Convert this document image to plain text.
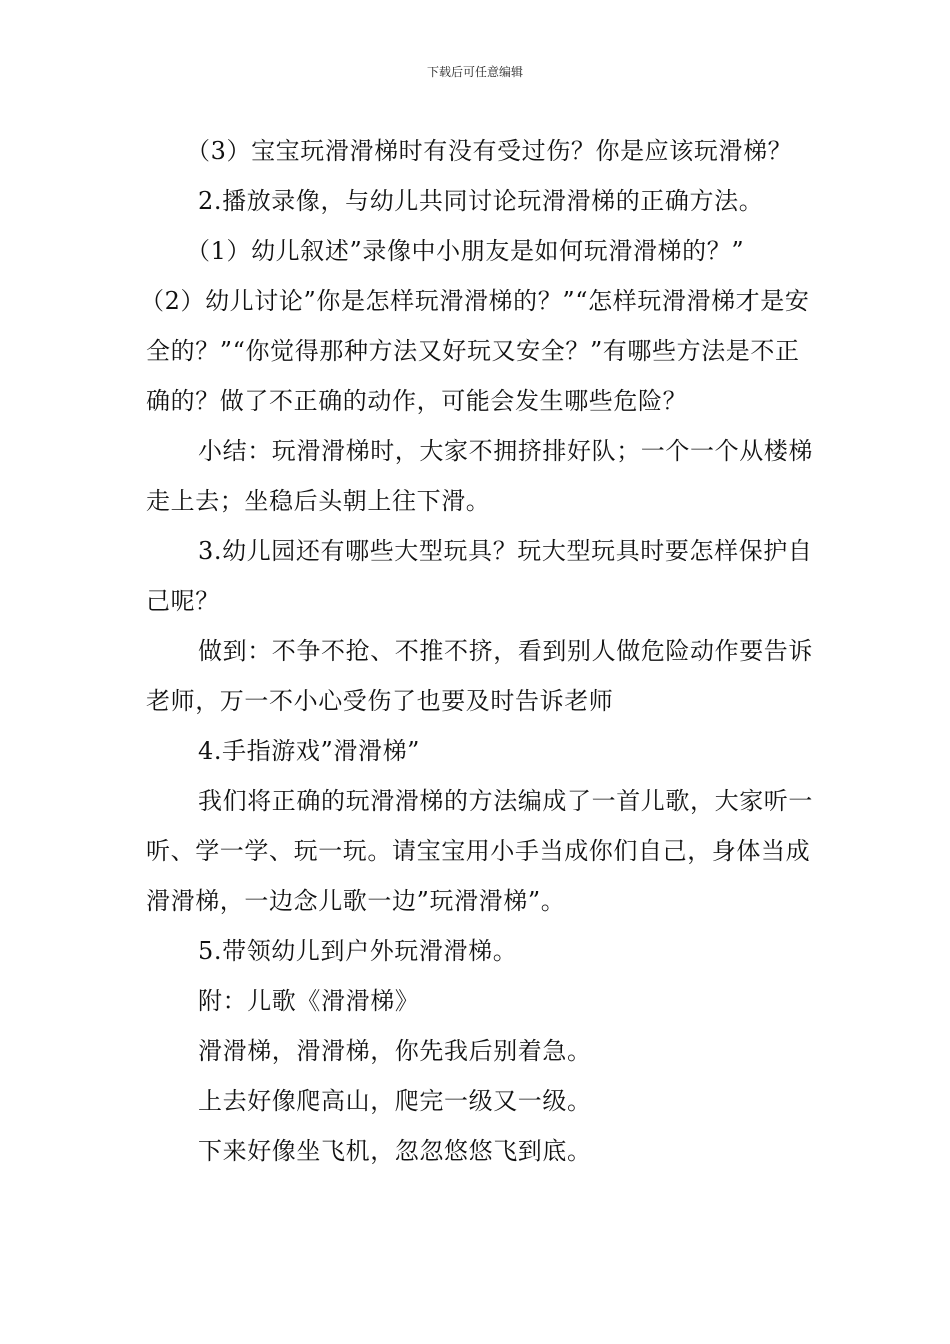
下载后可任意编辑

（3）宝宝玩滑滑梯时有没有受过伤？你是应该玩滑梯？

2.播放录像，与幼儿共同讨论玩滑滑梯的正确方法。

（1）幼儿叙述”录像中小朋友是如何玩滑滑梯的？”

（2）幼儿讨论”你是怎样玩滑滑梯的？”“怎样玩滑滑梯才是安全的？”“你觉得那种方法又好玩又安全？”有哪些方法是不正确的？做了不正确的动作，可能会发生哪些危险？

小结：玩滑滑梯时，大家不拥挤排好队；一个一个从楼梯走上去；坐稳后头朝上往下滑。

3.幼儿园还有哪些大型玩具？玩大型玩具时要怎样保护自己呢？

做到：不争不抢、不推不挤，看到别人做危险动作要告诉老师，万一不小心受伤了也要及时告诉老师

4.手指游戏”滑滑梯”

我们将正确的玩滑滑梯的方法编成了一首儿歌，大家听一听、学一学、玩一玩。请宝宝用小手当成你们自己，身体当成滑滑梯，一边念儿歌一边”玩滑滑梯”。

5.带领幼儿到户外玩滑滑梯。

附：儿歌《滑滑梯》

滑滑梯，滑滑梯，你先我后别着急。

上去好像爬高山，爬完一级又一级。

下来好像坐飞机，忽忽悠悠飞到底。
